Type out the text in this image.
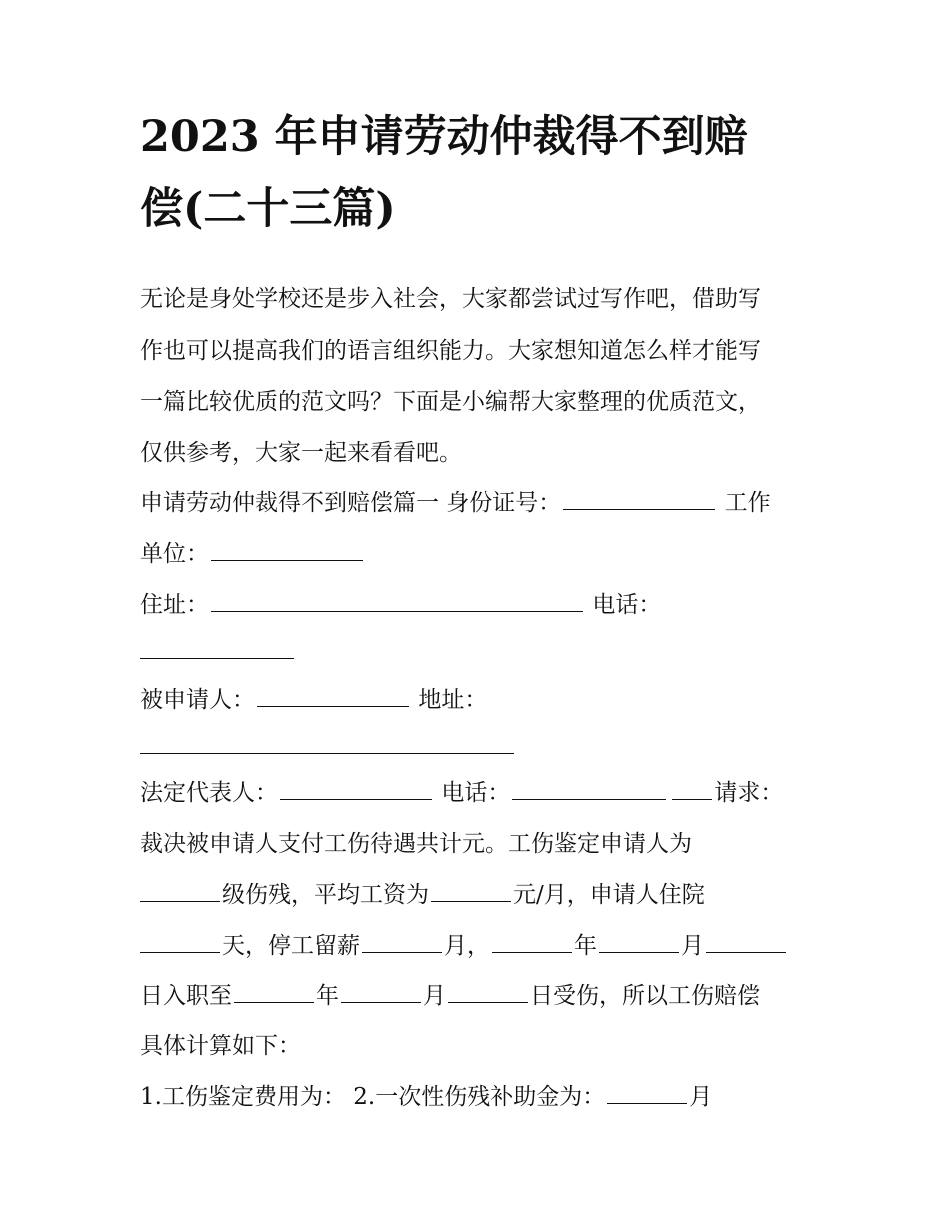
2023 年申请劳动仲裁得不到赔
偿(二十三篇)
无论是身处学校还是步入社会，大家都尝试过写作吧，借助写
作也可以提高我们的语言组织能力。大家想知道怎么样才能写
一篇比较优质的范文吗？下面是小编帮大家整理的优质范文，
仅供参考，大家一起来看看吧。
申请劳动仲裁得不到赔偿篇一 身份证号：	工作
单位：
住址：	电话：
被申请人：	地址：
法定代表人：	电话：	请求：
裁决被申请人支付工伤待遇共计元。工伤鉴定申请人为
级伤残，平均工资为	元/月，申请人住院
天，停工留薪	月，	年	月
日入职至	年	月	日受伤，所以工伤赔偿
具体计算如下：
1.工伤鉴定费用为： 2.一次性伤残补助金为：	月
